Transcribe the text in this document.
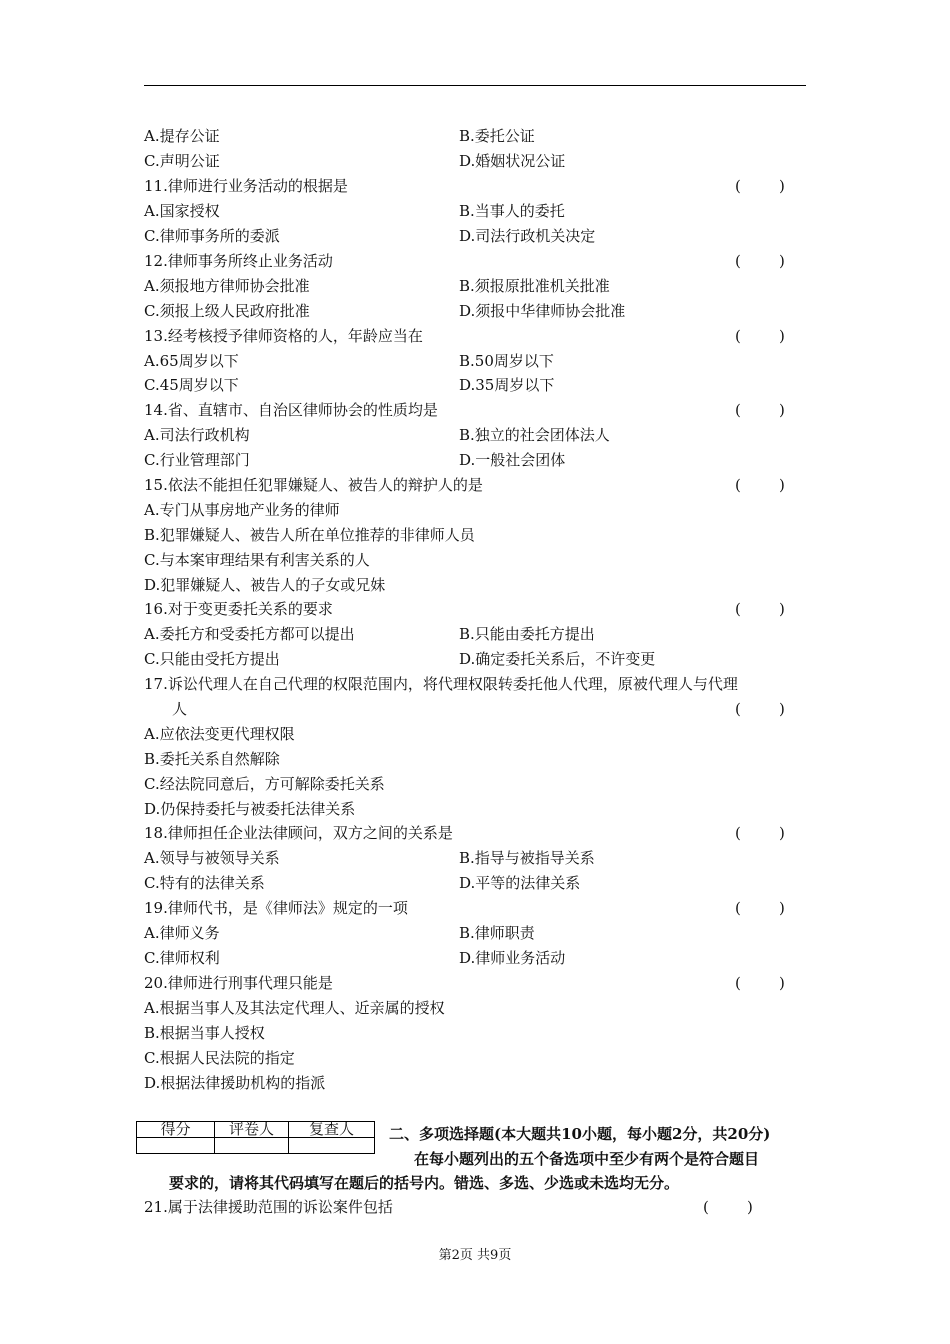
A.提存公证	B.委托公证
C.声明公证	D.婚姻状况公证
11.律师进行业务活动的根据是	(        )
A.国家授权	B.当事人的委托
C.律师事务所的委派	D.司法行政机关决定
12.律师事务所终止业务活动	(        )
A.须报地方律师协会批准	B.须报原批准机关批准
C.须报上级人民政府批准	D.须报中华律师协会批准
13.经考核授予律师资格的人，年龄应当在	(        )
A.65周岁以下	B.50周岁以下
C.45周岁以下	D.35周岁以下
14.省、直辖市、自治区律师协会的性质均是	(        )
A.司法行政机构	B.独立的社会团体法人
C.行业管理部门	D.一般社会团体
15.依法不能担任犯罪嫌疑人、被告人的辩护人的是	(        )
A.专门从事房地产业务的律师
B.犯罪嫌疑人、被告人所在单位推荐的非律师人员
C.与本案审理结果有利害关系的人
D.犯罪嫌疑人、被告人的子女或兄妹
16.对于变更委托关系的要求	(        )
A.委托方和受委托方都可以提出	B.只能由委托方提出
C.只能由受托方提出	D.确定委托关系后，不许变更
17.诉讼代理人在自己代理的权限范围内，将代理权限转委托他人代理，原被代理人与代理
人	(        )
A.应依法变更代理权限
B.委托关系自然解除
C.经法院同意后，方可解除委托关系
D.仍保持委托与被委托法律关系
18.律师担任企业法律顾问，双方之间的关系是	(        )
A.领导与被领导关系	B.指导与被指导关系
C.特有的法律关系	D.平等的法律关系
19.律师代书，是《律师法》规定的一项	(        )
A.律师义务	B.律师职责
C.律师权利	D.律师业务活动
20.律师进行刑事代理只能是	(        )
A.根据当事人及其法定代理人、近亲属的授权
B.根据当事人授权
C.根据人民法院的指定
D.根据法律援助机构的指派
得分	评卷人	复查人
		二、多项选择题(本大题共10小题，每小题2分，共20分)
在每小题列出的五个备选项中至少有两个是符合题目
要求的，请将其代码填写在题后的括号内。错选、多选、少选或未选均无分。
21.属于法律援助范围的诉讼案件包括	(        )
第2页 共9页
